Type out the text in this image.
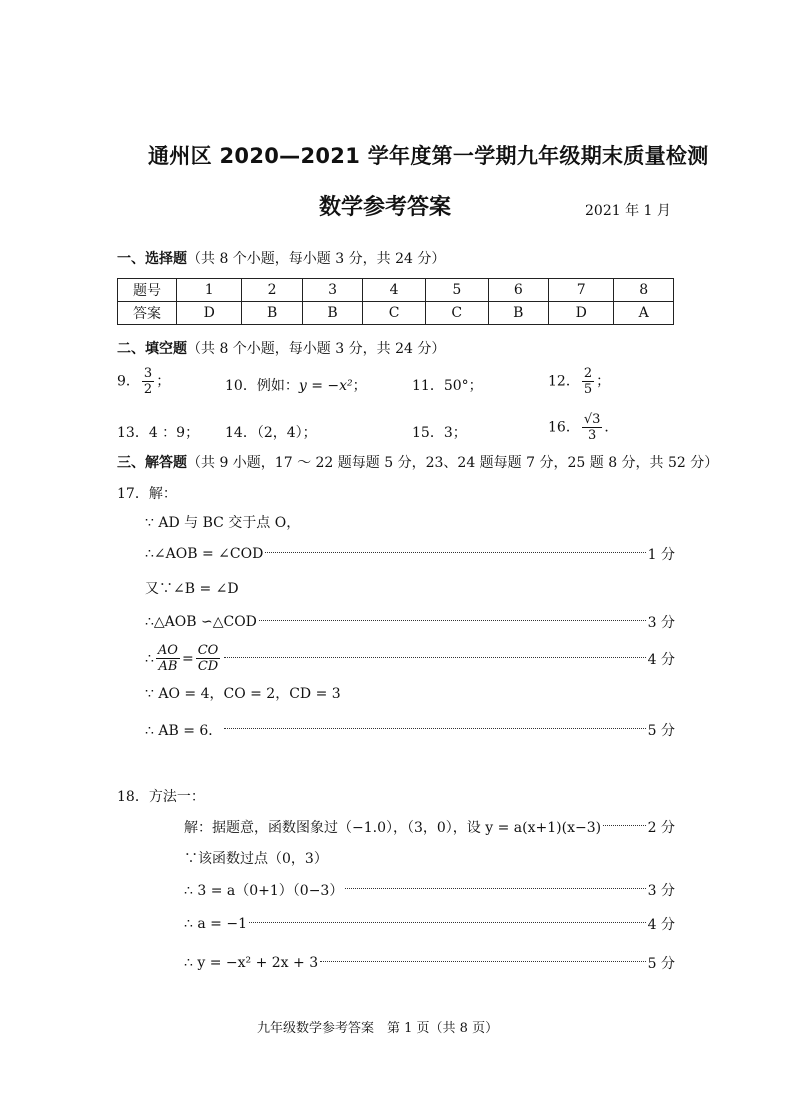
通州区 2020—2021 学年度第一学期九年级期末质量检测
数学参考答案	2021 年 1 月
一、选择题（共 8 个小题，每小题 3 分，共 24 分）
题号	1	2	3	4	5	6	7	8
答案	D	B	B	C	C	B	D	A
二、填空题（共 8 个小题，每小题 3 分，共 24 分）
9． $\frac{3}{2}$ ；	10．例如：y = −x²；	11．50°；	12． $\frac{2}{5}$ ；
13．4 ：9； 14．（2，4）；	15．3；	16． $\frac{√3}{3}$ ．
三、解答题（共 9 小题，17 ～ 22 题每题 5 分，23、24 题每题 7 分，25 题 8 分，共 52 分）
17．解：
∵ AD 与 BC 交于点 O，
∴∠AOB = ∠COD	1 分
又∵∠B = ∠D
∴△AOB ∽△COD	3 分
∴ $\frac{AO}{AB} = \frac{CO}{CD}$	4 分
∵ AO = 4，CO = 2，CD = 3
∴ AB = 6．	5 分
18．方法一：
解：据题意，函数图象过（−1.0），（3，0），设 y = a(x+1)(x−3)	2 分
∵该函数过点（0，3）
∴ 3 = a（0+1）（0−3）	3 分
∴ a = −1	4 分
∴ y = −x² + 2x + 3	5 分
九年级数学参考答案　第 1 页（共 8 页）
